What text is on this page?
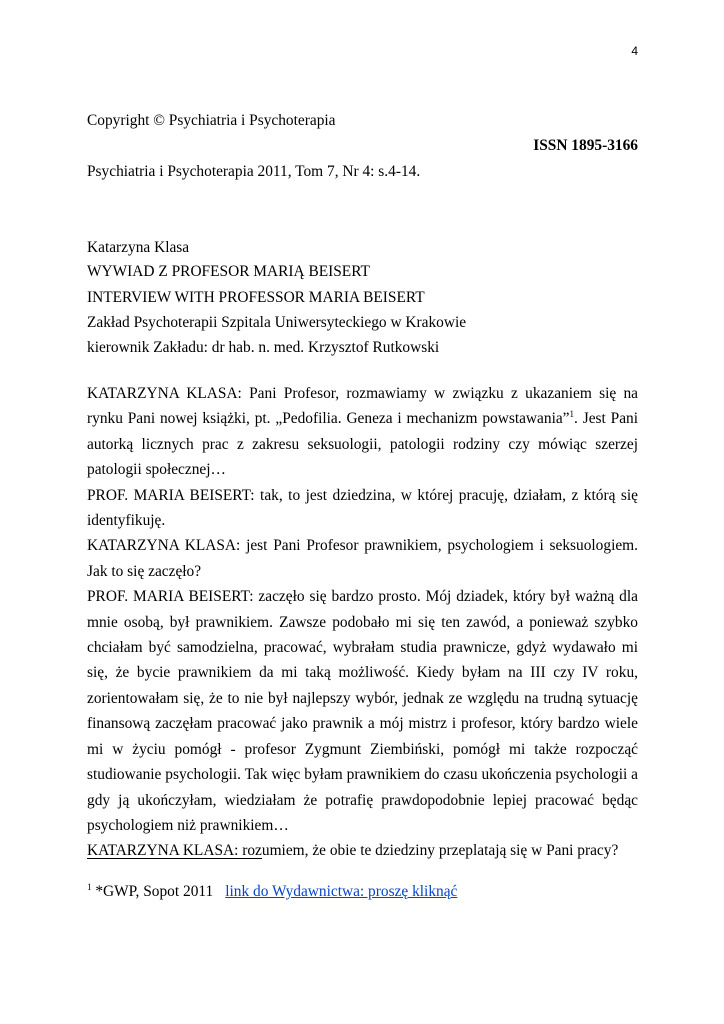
4
Copyright © Psychiatria i Psychoterapia
ISSN 1895-3166
Psychiatria i Psychoterapia 2011, Tom 7, Nr 4: s.4-14.
Katarzyna Klasa
WYWIAD Z PROFESOR MARIĄ BEISERT
INTERVIEW WITH PROFESSOR MARIA BEISERT
Zakład Psychoterapii Szpitala Uniwersyteckiego w Krakowie
kierownik Zakładu: dr hab. n. med. Krzysztof Rutkowski

KATARZYNA KLASA: Pani Profesor, rozmawiamy w związku z ukazaniem się na rynku Pani nowej książki, pt. „Pedofilia. Geneza i mechanizm powstawania”$^1$. Jest Pani autorką licznych prac z zakresu seksuologii, patologii rodziny czy mówiąc szerzej patologii społecznej…

PROF. MARIA BEISERT: tak, to jest dziedzina, w której pracuję, działam, z którą się identyfikuję.

KATARZYNA KLASA: jest Pani Profesor prawnikiem, psychologiem i seksuologiem. Jak to się zaczęło?

PROF. MARIA BEISERT: zaczęło się bardzo prosto. Mój dziadek, który był ważną dla mnie osobą, był prawnikiem. Zawsze podobało mi się ten zawód, a ponieważ szybko chciałam być samodzielna, pracować, wybrałam studia prawnicze, gdyż wydawało mi się, że bycie prawnikiem da mi taką możliwość. Kiedy byłam na III czy IV roku, zorientowałam się, że to nie był najlepszy wybór, jednak ze względu na trudną sytuację finansową zaczęłam pracować jako prawnik a mój mistrz i profesor, który bardzo wiele mi w życiu pomógł - profesor Zygmunt Ziembiński, pomógł mi także rozpocząć studiowanie psychologii. Tak więc byłam prawnikiem do czasu ukończenia psychologii a gdy ją ukończyłam, wiedziałam że potrafię prawdopodobnie lepiej pracować będąc psychologiem niż prawnikiem…

KATARZYNA KLASA: rozumiem, że obie te dziedziny przeplatają się w Pani pracy?

$^1$ *GWP, Sopot 2011 link do Wydawnictwa: proszę kliknąć
